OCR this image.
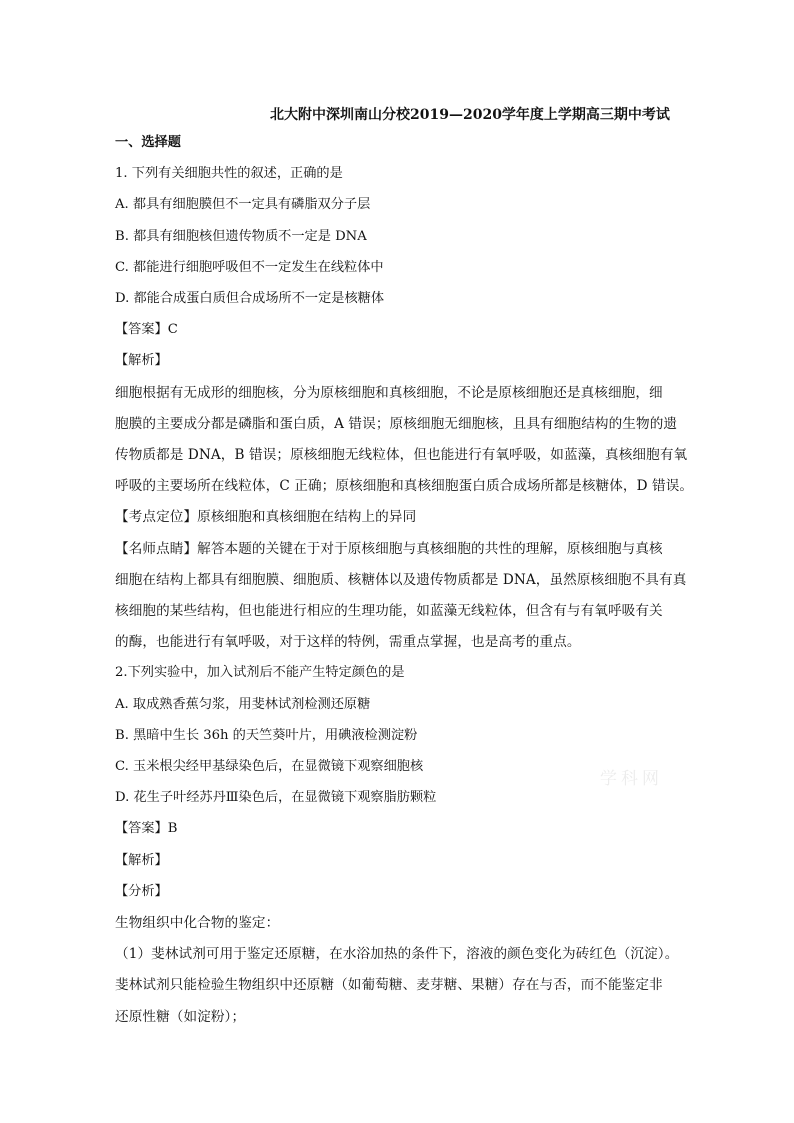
北大附中深圳南山分校2019—2020学年度上学期高三期中考试
一、选择题
1. 下列有关细胞共性的叙述，正确的是
A. 都具有细胞膜但不一定具有磷脂双分子层
B. 都具有细胞核但遗传物质不一定是 DNA
C. 都能进行细胞呼吸但不一定发生在线粒体中
D. 都能合成蛋白质但合成场所不一定是核糖体
【答案】C
【解析】
细胞根据有无成形的细胞核，分为原核细胞和真核细胞，不论是原核细胞还是真核细胞，细
胞膜的主要成分都是磷脂和蛋白质，A 错误；原核细胞无细胞核，且具有细胞结构的生物的遗
传物质都是 DNA，B 错误；原核细胞无线粒体，但也能进行有氧呼吸，如蓝藻，真核细胞有氧
呼吸的主要场所在线粒体，C 正确；原核细胞和真核细胞蛋白质合成场所都是核糖体，D 错误。
【考点定位】原核细胞和真核细胞在结构上的异同
【名师点睛】解答本题的关键在于对于原核细胞与真核细胞的共性的理解，原核细胞与真核
细胞在结构上都具有细胞膜、细胞质、核糖体以及遗传物质都是 DNA，虽然原核细胞不具有真
核细胞的某些结构，但也能进行相应的生理功能，如蓝藻无线粒体，但含有与有氧呼吸有关
的酶，也能进行有氧呼吸，对于这样的特例，需重点掌握，也是高考的重点。
2.下列实验中，加入试剂后不能产生特定颜色的是
A. 取成熟香蕉匀浆，用斐林试剂检测还原糖
B. 黑暗中生长 36h 的天竺葵叶片，用碘液检测淀粉
C. 玉米根尖经甲基绿染色后，在显微镜下观察细胞核
D. 花生子叶经苏丹Ⅲ染色后，在显微镜下观察脂肪颗粒
【答案】B
【解析】
【分析】
生物组织中化合物的鉴定：
（1）斐林试剂可用于鉴定还原糖，在水浴加热的条件下，溶液的颜色变化为砖红色（沉淀）。
斐林试剂只能检验生物组织中还原糖（如葡萄糖、麦芽糖、果糖）存在与否，而不能鉴定非
还原性糖（如淀粉）；
学科网
